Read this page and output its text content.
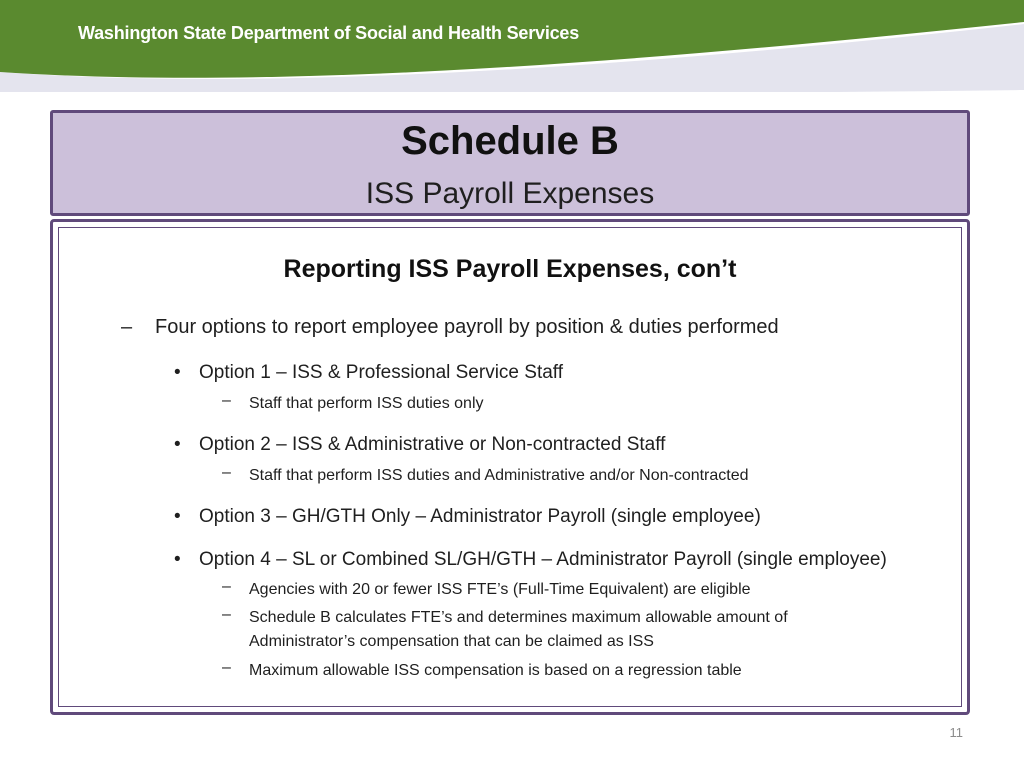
Washington State Department of Social and Health Services
Schedule B
ISS Payroll Expenses
Reporting ISS Payroll Expenses, con’t
– Four options to report employee payroll by position & duties performed
• Option 1 – ISS & Professional Service Staff
– Staff that perform ISS duties only
• Option 2 – ISS & Administrative or Non-contracted Staff
– Staff that perform ISS duties and Administrative and/or Non-contracted
• Option 3 – GH/GTH Only – Administrator Payroll (single employee)
• Option 4 – SL or Combined SL/GH/GTH – Administrator Payroll (single employee)
– Agencies with 20 or fewer ISS FTE’s (Full-Time Equivalent) are eligible
– Schedule B calculates FTE’s and determines maximum allowable amount of Administrator’s compensation that can be claimed as ISS
– Maximum allowable ISS compensation is based on a regression table
11
